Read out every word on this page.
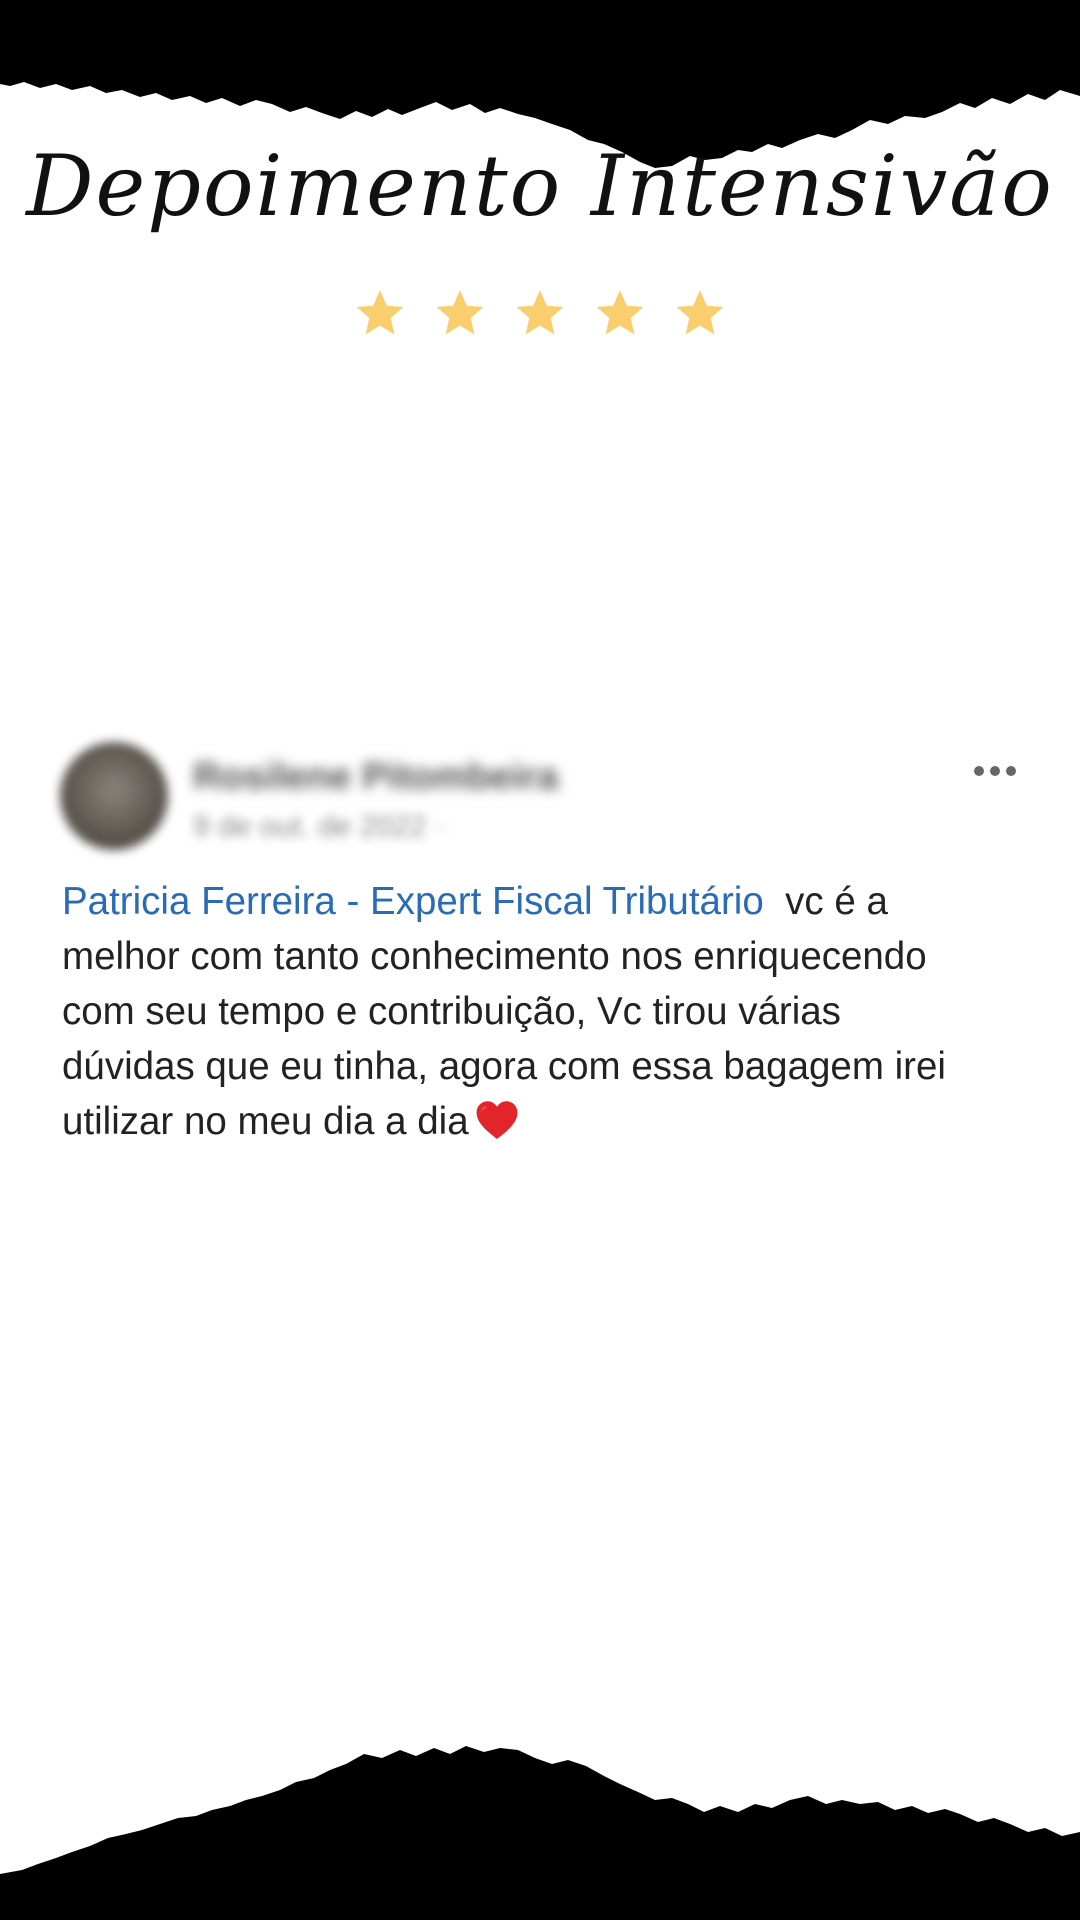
Depoimento Intensivão
Rosilene Pitombeira
9 de out. de 2022 ·
Patricia Ferreira - Expert Fiscal Tributário vc é a
melhor com tanto conhecimento nos enriquecendo
com seu tempo e contribuição, Vc tirou várias
dúvidas que eu tinha, agora com essa bagagem irei
utilizar no meu dia a dia
